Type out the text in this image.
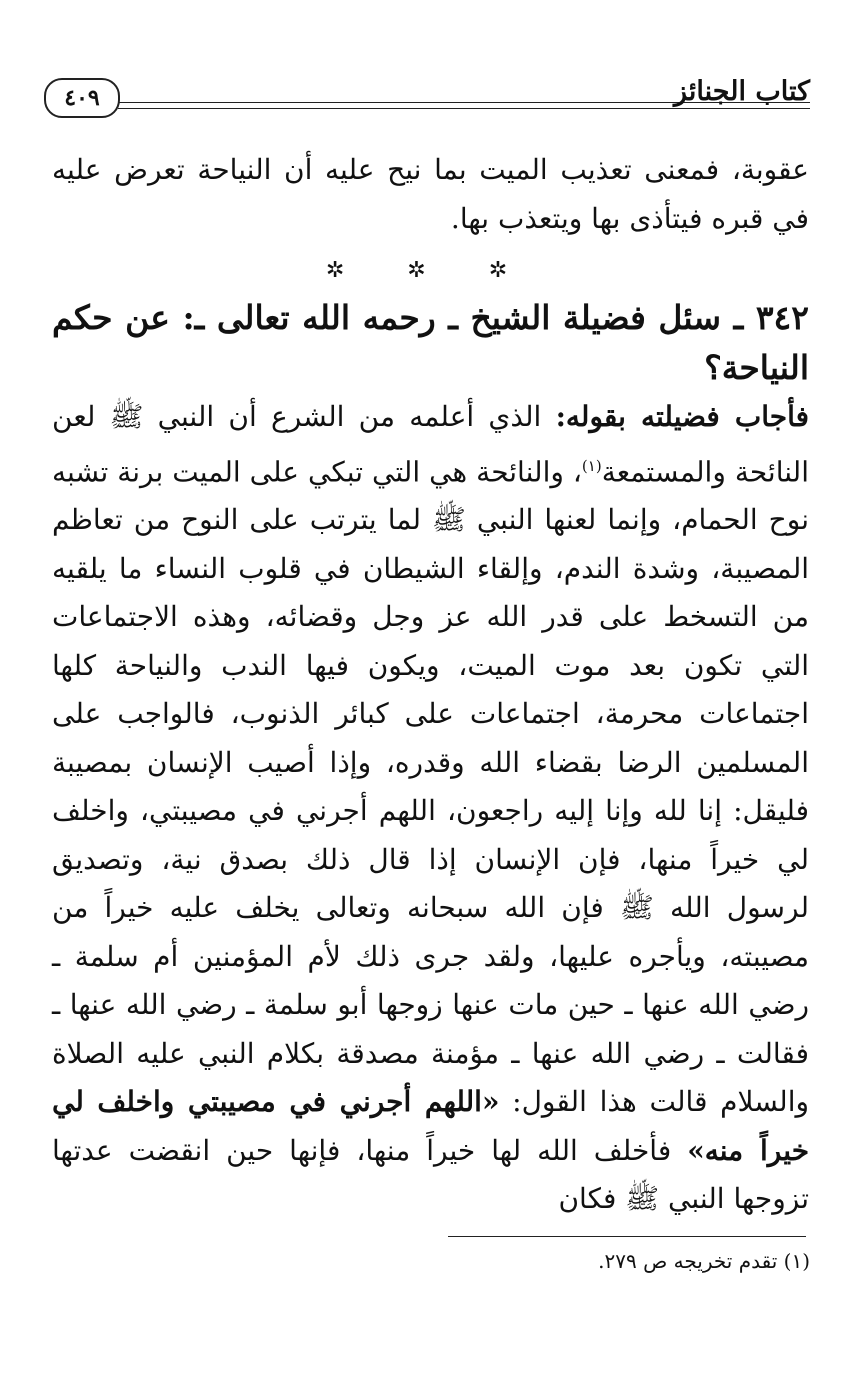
٤٠٩	كتاب الجنائز

عقوبة، فمعنى تعذيب الميت بما نيح عليه أن النياحة تعرض عليه في قبره فيتأذى بها ويتعذب بها.

✲ ✲ ✲

٣٤٢ ـ سئل فضيلة الشيخ ـ رحمه الله تعالى ـ: عن حكم النياحة؟

فأجاب فضيلته بقوله: الذي أعلمه من الشرع أن النبي ﷺ لعن النائحة والمستمعة$^{(١)}$، والنائحة هي التي تبكي على الميت برنة تشبه نوح الحمام، وإنما لعنها النبي ﷺ لما يترتب على النوح من تعاظم المصيبة، وشدة الندم، وإلقاء الشيطان في قلوب النساء ما يلقيه من التسخط على قدر الله عز وجل وقضائه، وهذه الاجتماعات التي تكون بعد موت الميت، ويكون فيها الندب والنياحة كلها اجتماعات محرمة، اجتماعات على كبائر الذنوب، فالواجب على المسلمين الرضا بقضاء الله وقدره، وإذا أصيب الإنسان بمصيبة فليقل: إنا لله وإنا إليه راجعون، اللهم أجرني في مصيبتي، واخلف لي خيراً منها، فإن الإنسان إذا قال ذلك بصدق نية، وتصديق لرسول الله ﷺ فإن الله سبحانه وتعالى يخلف عليه خيراً من مصيبته، ويأجره عليها، ولقد جرى ذلك لأم المؤمنين أم سلمة ـ رضي الله عنها ـ حين مات عنها زوجها أبو سلمة ـ رضي الله عنها ـ فقالت ـ رضي الله عنها ـ مؤمنة مصدقة بكلام النبي عليه الصلاة والسلام قالت هذا القول: «اللهم أجرني في مصيبتي واخلف لي خيراً منه» فأخلف الله لها خيراً منها، فإنها حين انقضت عدتها تزوجها النبي ﷺ فكان

(١) تقدم تخريجه ص ٢٧٩.
